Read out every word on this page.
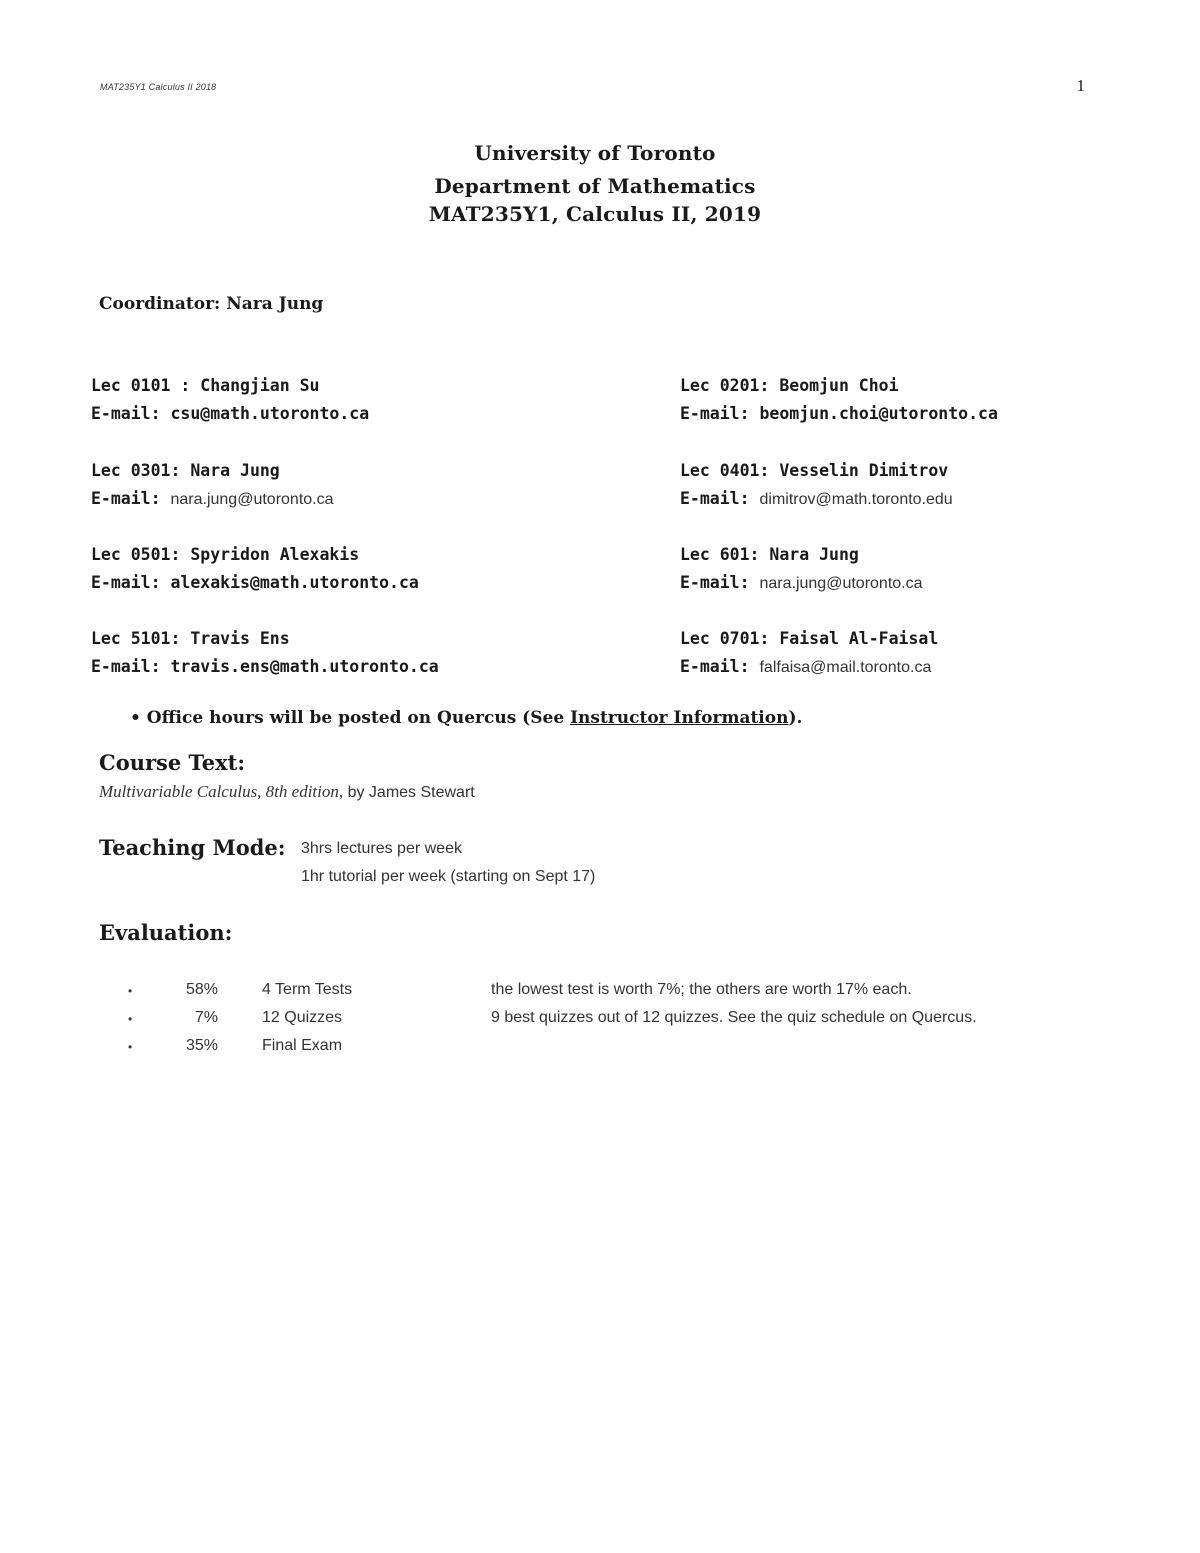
MAT235Y1 Calculus II 2018	1
University of Toronto
Department of Mathematics
MAT235Y1, Calculus II, 2019
Coordinator: Nara Jung
Lec 0101 : Changjian Su
E-mail: csu@math.utoronto.ca
Lec 0201: Beomjun Choi
E-mail: beomjun.choi@utoronto.ca
Lec 0301: Nara Jung
E-mail: nara.jung@utoronto.ca
Lec 0401: Vesselin Dimitrov
E-mail: dimitrov@math.toronto.edu
Lec 0501: Spyridon Alexakis
E-mail: alexakis@math.utoronto.ca
Lec 601: Nara Jung
E-mail: nara.jung@utoronto.ca
Lec 5101: Travis Ens
E-mail: travis.ens@math.utoronto.ca
Lec 0701: Faisal Al-Faisal
E-mail: falfaisa@mail.toronto.ca
• Office hours will be posted on Quercus (See Instructor Information).
Course Text:
Multivariable Calculus, 8th edition, by James Stewart
Teaching Mode: 3hrs lectures per week
1hr tutorial per week (starting on Sept 17)
Evaluation:
•	58%	4 Term Tests	the lowest test is worth 7%; the others are worth 17% each.
•	7%	12 Quizzes	9 best quizzes out of 12 quizzes. See the quiz schedule on Quercus.
•	35%	Final Exam
